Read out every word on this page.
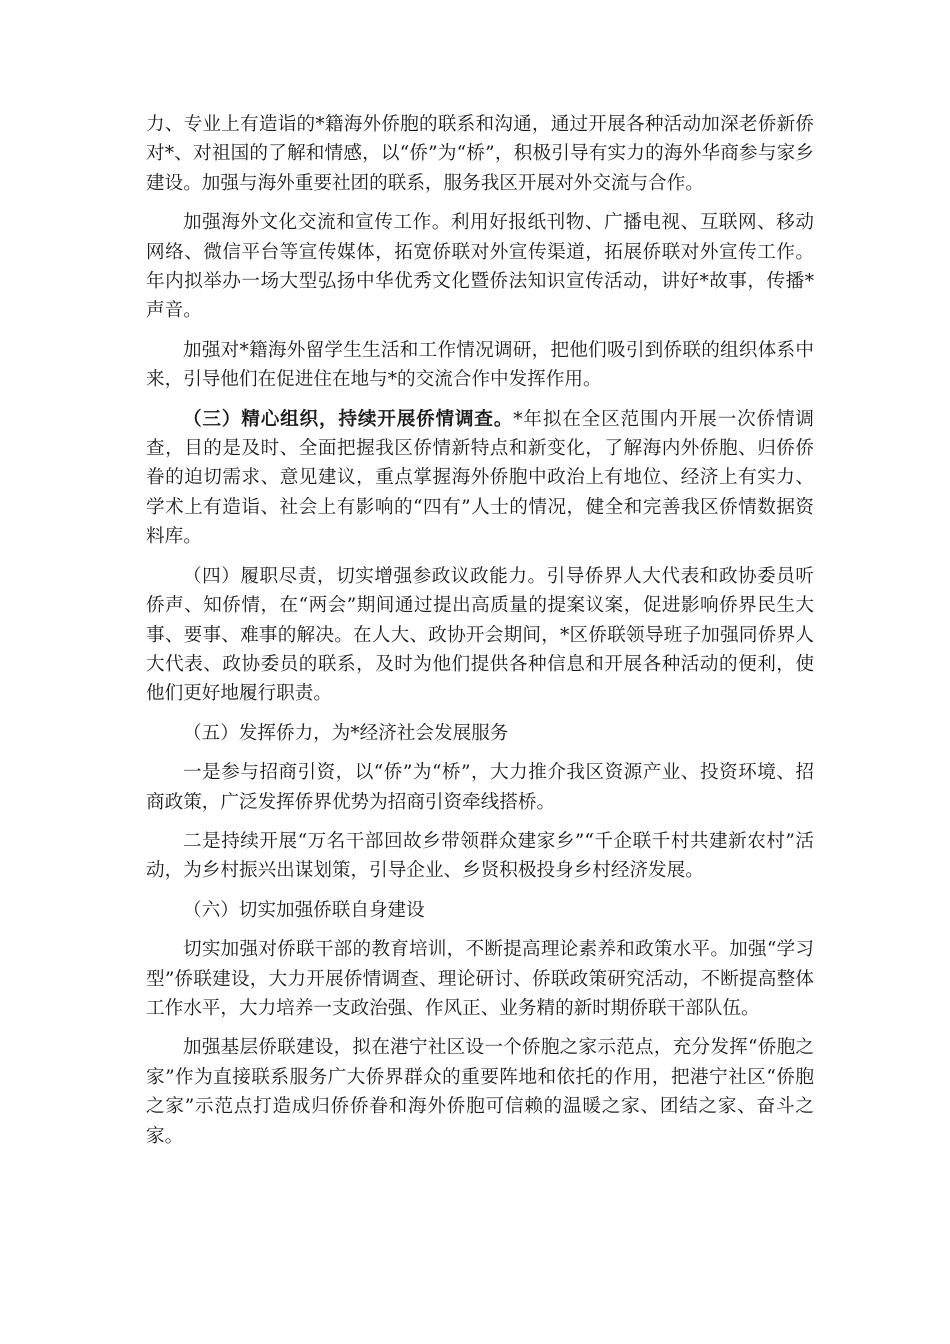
力、专业上有造诣的*籍海外侨胞的联系和沟通，通过开展各种活动加深老侨新侨对*、对祖国的了解和情感，以“侨”为“桥”，积极引导有实力的海外华商参与家乡建设。加强与海外重要社团的联系，服务我区开展对外交流与合作。

加强海外文化交流和宣传工作。利用好报纸刊物、广播电视、互联网、移动网络、微信平台等宣传媒体，拓宽侨联对外宣传渠道，拓展侨联对外宣传工作。年内拟举办一场大型弘扬中华优秀文化暨侨法知识宣传活动，讲好*故事，传播*声音。

加强对*籍海外留学生生活和工作情况调研，把他们吸引到侨联的组织体系中来，引导他们在促进住在地与*的交流合作中发挥作用。

（三）精心组织，持续开展侨情调查。*年拟在全区范围内开展一次侨情调查，目的是及时、全面把握我区侨情新特点和新变化，了解海内外侨胞、归侨侨眷的迫切需求、意见建议，重点掌握海外侨胞中政治上有地位、经济上有实力、学术上有造诣、社会上有影响的“四有”人士的情况，健全和完善我区侨情数据资料库。

（四）履职尽责，切实增强参政议政能力。引导侨界人大代表和政协委员听侨声、知侨情，在“两会”期间通过提出高质量的提案议案，促进影响侨界民生大事、要事、难事的解决。在人大、政协开会期间，*区侨联领导班子加强同侨界人大代表、政协委员的联系，及时为他们提供各种信息和开展各种活动的便利，使他们更好地履行职责。

（五）发挥侨力，为*经济社会发展服务

一是参与招商引资，以“侨”为“桥”，大力推介我区资源产业、投资环境、招商政策，广泛发挥侨界优势为招商引资牵线搭桥。

二是持续开展“万名干部回故乡带领群众建家乡”“千企联千村共建新农村”活动，为乡村振兴出谋划策，引导企业、乡贤积极投身乡村经济发展。

（六）切实加强侨联自身建设

切实加强对侨联干部的教育培训，不断提高理论素养和政策水平。加强“学习型”侨联建设，大力开展侨情调查、理论研讨、侨联政策研究活动，不断提高整体工作水平，大力培养一支政治强、作风正、业务精的新时期侨联干部队伍。

加强基层侨联建设，拟在港宁社区设一个侨胞之家示范点，充分发挥“侨胞之家”作为直接联系服务广大侨界群众的重要阵地和依托的作用，把港宁社区“侨胞之家”示范点打造成归侨侨眷和海外侨胞可信赖的温暖之家、团结之家、奋斗之家。
